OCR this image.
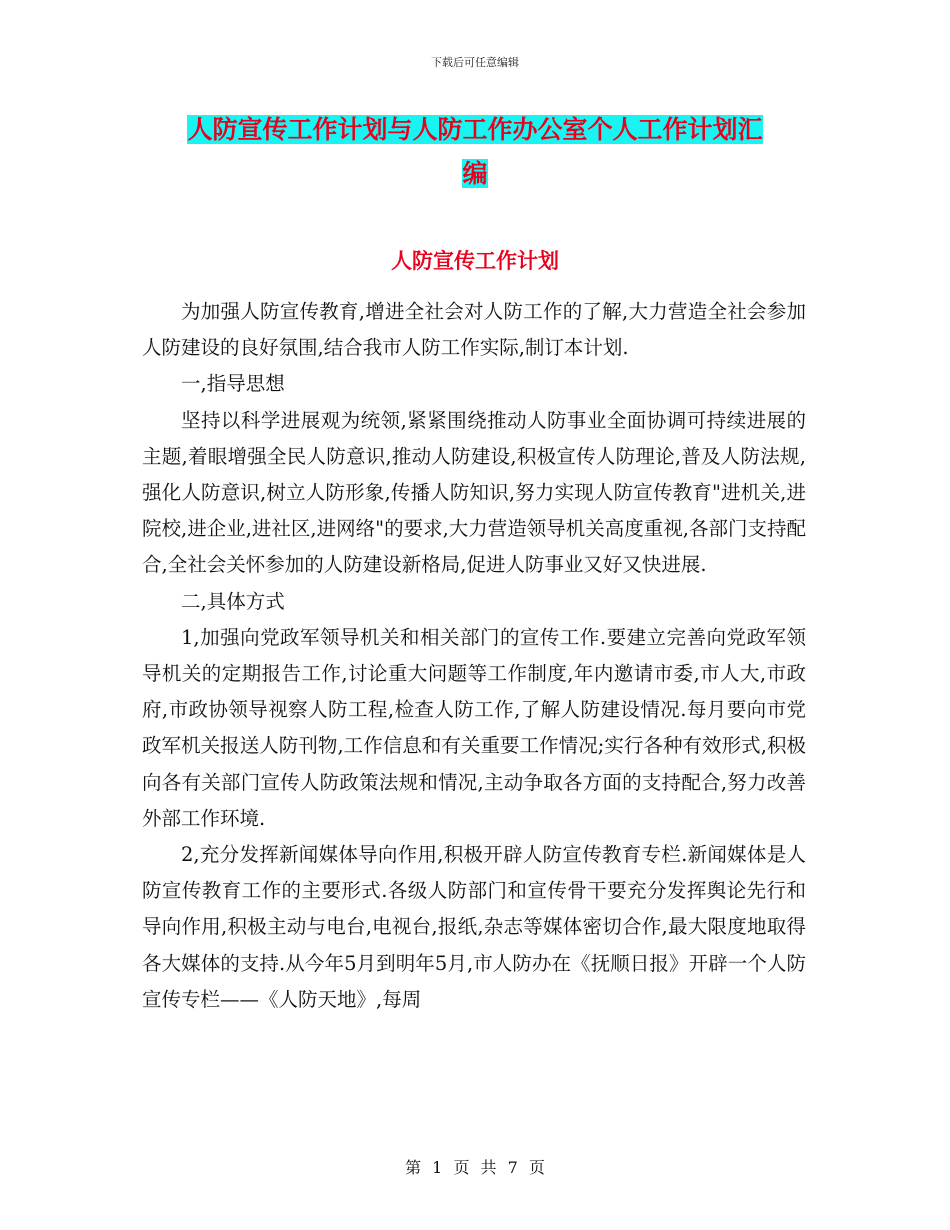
下载后可任意编辑
人防宣传工作计划与人防工作办公室个人工作计划汇
编
人防宣传工作计划

为加强人防宣传教育,增进全社会对人防工作的了解,大力营造全社会参加人防建设的良好氛围,结合我市人防工作实际,制订本计划.

一,指导思想

坚持以科学进展观为统领,紧紧围绕推动人防事业全面协调可持续进展的主题,着眼增强全民人防意识,推动人防建设,积极宣传人防理论,普及人防法规,强化人防意识,树立人防形象,传播人防知识,努力实现人防宣传教育"进机关,进院校,进企业,进社区,进网络"的要求,大力营造领导机关高度重视,各部门支持配合,全社会关怀参加的人防建设新格局,促进人防事业又好又快进展.

二,具体方式

1,加强向党政军领导机关和相关部门的宣传工作.要建立完善向党政军领导机关的定期报告工作,讨论重大问题等工作制度,年内邀请市委,市人大,市政府,市政协领导视察人防工程,检查人防工作,了解人防建设情况.每月要向市党政军机关报送人防刊物,工作信息和有关重要工作情况;实行各种有效形式,积极向各有关部门宣传人防政策法规和情况,主动争取各方面的支持配合,努力改善外部工作环境.

2,充分发挥新闻媒体导向作用,积极开辟人防宣传教育专栏.新闻媒体是人防宣传教育工作的主要形式.各级人防部门和宣传骨干要充分发挥舆论先行和导向作用,积极主动与电台,电视台,报纸,杂志等媒体密切合作,最大限度地取得各大媒体的支持.从今年5月到明年5月,市人防办在《抚顺日报》开辟一个人防宣传专栏——《人防天地》,每周

第 1 页 共 7 页
